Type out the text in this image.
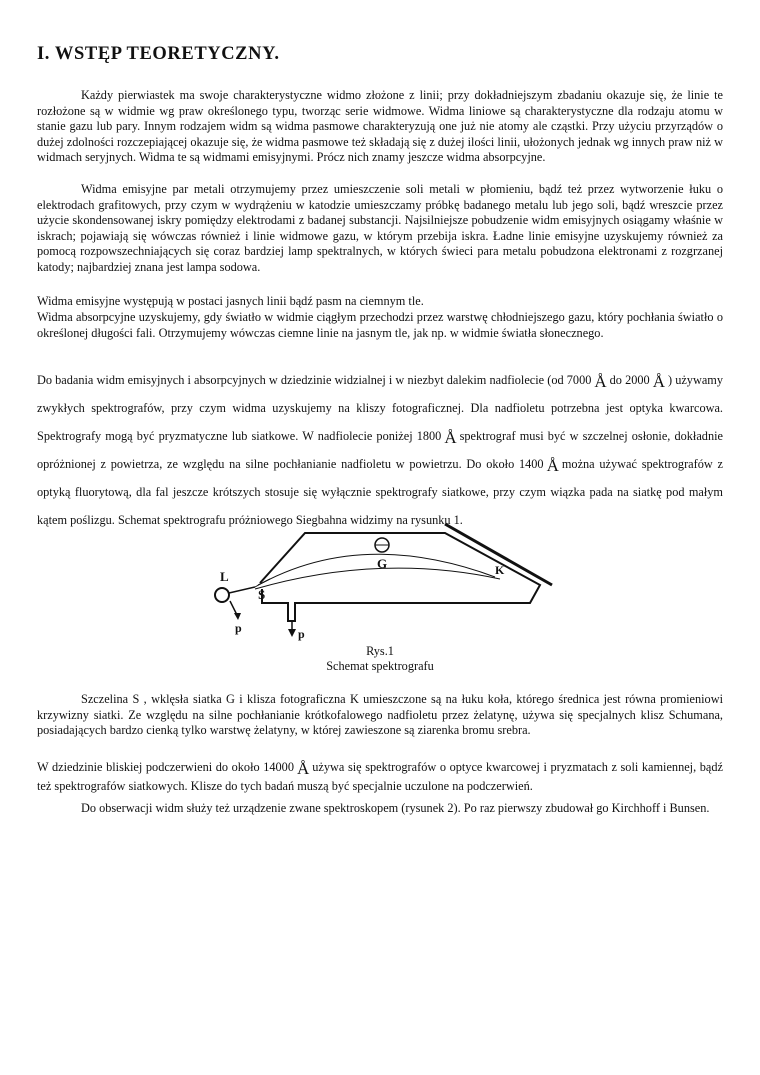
I. WSTĘP TEORETYCZNY.

Każdy pierwiastek ma swoje charakterystyczne widmo złożone z linii; przy dokładniejszym zbadaniu okazuje się, że linie te rozłożone są w widmie wg praw określonego typu, tworząc serie widmowe. Widma liniowe są charakterystyczne dla rodzaju atomu w stanie gazu lub pary. Innym rodzajem widm są widma pasmowe charakteryzują one już nie atomy ale cząstki. Przy użyciu przyrządów o dużej zdolności rozczepiającej okazuje się, że widma pasmowe też składają się z dużej ilości linii, ułożonych jednak wg innych praw niż w widmach seryjnych. Widma te są widmami emisyjnymi. Prócz nich znamy jeszcze widma absorpcyjne.

Widma emisyjne par metali otrzymujemy przez umieszczenie soli metali w płomieniu, bądź też przez wytworzenie łuku o elektrodach grafitowych, przy czym w wydrążeniu w katodzie umieszczamy próbkę badanego metalu lub jego soli, bądź wreszcie przez użycie skondensowanej iskry pomiędzy elektrodami z badanej substancji. Najsilniejsze pobudzenie widm emisyjnych osiągamy właśnie w iskrach; pojawiają się wówczas również i linie widmowe gazu, w którym przebija iskra. Ładne linie emisyjne uzyskujemy również za pomocą rozpowszechniających się coraz bardziej lamp spektralnych, w których świeci para metalu pobudzona elektronami z rozgrzanej katody; najbardziej znana jest lampa sodowa.

Widma emisyjne występują w postaci jasnych linii bądź pasm na ciemnym tle.

Widma absorpcyjne uzyskujemy, gdy światło w widmie ciągłym przechodzi przez warstwę chłodniejszego gazu, który pochłania światło o określonej długości fali. Otrzymujemy wówczas ciemne linie na jasnym tle, jak np. w widmie światła słonecznego.

Do badania widm emisyjnych i absorpcyjnych w dziedzinie widzialnej i w niezbyt dalekim nadfiolecie (od 7000 Å do 2000 Å ) używamy zwykłych spektrografów, przy czym widma uzyskujemy na kliszy fotograficznej. Dla nadfioletu potrzebna jest optyka kwarcowa. Spektrografy mogą być pryzmatyczne lub siatkowe. W nadfiolecie poniżej 1800 Å spektrograf musi być w szczelnej osłonie, dokładnie opróżnionej z powietrza, ze względu na silne pochłanianie nadfioletu w powietrzu. Do około 1400 Å można używać spektrografów z optyką fluorytową, dla fal jeszcze krótszych stosuje się wyłącznie spektrografy siatkowe, przy czym wiązka pada na siatkę pod małym kątem poślizgu. Schemat spektrografu próżniowego Siegbahna widzimy na rysunku 1.

L
S
G	K
p	p
Rys.1
Schemat spektrografu

Szczelina S , wklęsła siatka G i klisza fotograficzna K umieszczone są na łuku koła, którego średnica jest równa promieniowi krzywizny siatki. Ze względu na silne pochłanianie krótkofalowego nadfioletu przez żelatynę, używa się specjalnych klisz Schumana, posiadających bardzo cienką tylko warstwę żelatyny, w której zawieszone są ziarenka bromu srebra.

W dziedzinie bliskiej podczerwieni do około 14000 Å używa się spektrografów o optyce kwarcowej i pryzmatach z soli kamiennej, bądź też spektrografów siatkowych. Klisze do tych badań muszą być specjalnie uczulone na podczerwień.

Do obserwacji widm służy też urządzenie zwane spektroskopem (rysunek 2). Po raz pierwszy zbudował go Kirchhoff i Bunsen.
